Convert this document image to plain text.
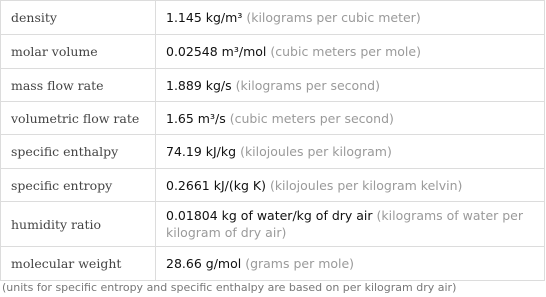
density	1.145 kg/m³ (kilograms per cubic meter)
molar volume	0.02548 m³/mol (cubic meters per mole)
mass flow rate	1.889 kg/s (kilograms per second)
volumetric flow rate	1.65 m³/s (cubic meters per second)
specific enthalpy	74.19 kJ/kg (kilojoules per kilogram)
specific entropy	0.2661 kJ/(kg K) (kilojoules per kilogram kelvin)
humidity ratio	0.01804 kg of water/kg of dry air (kilograms of water per kilogram of dry air)
molecular weight	28.66 g/mol (grams per mole)
(units for specific entropy and specific enthalpy are based on per kilogram dry air)
